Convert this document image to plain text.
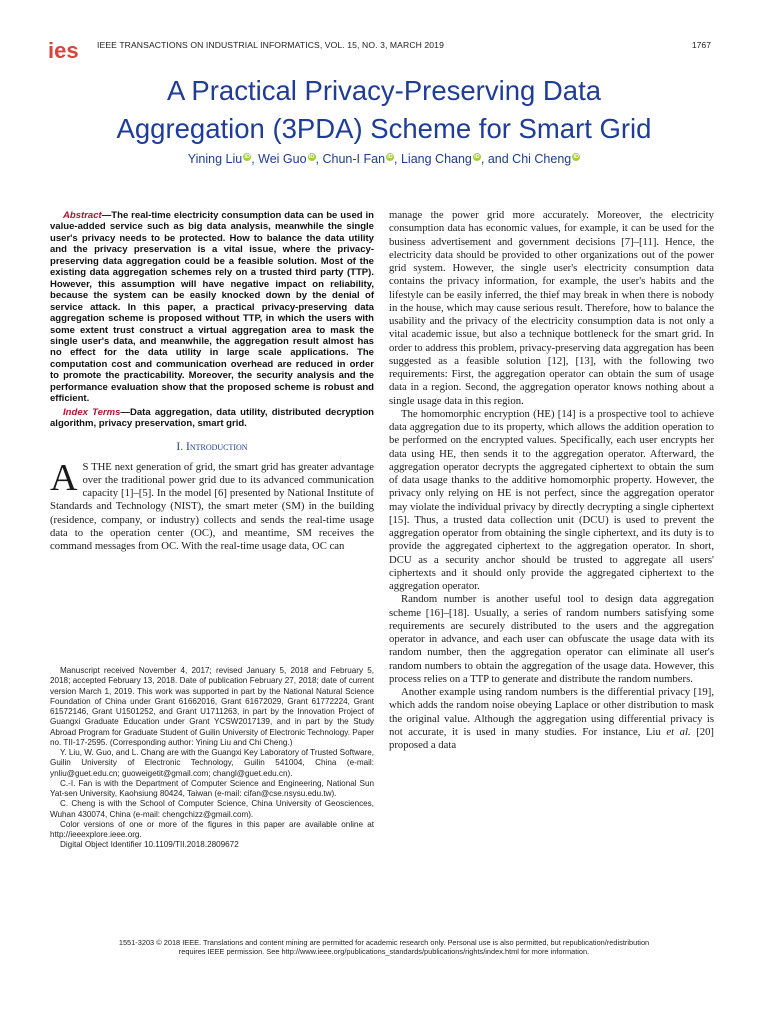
ies IEEE TRANSACTIONS ON INDUSTRIAL INFORMATICS, VOL. 15, NO. 3, MARCH 2019	1767
A Practical Privacy-Preserving Data
Aggregation (3PDA) Scheme for Smart Grid
Yining Liu iD, Wei Guo iD, Chun-I Fan iD, Liang Chang iD, and Chi Cheng iD

Abstract—The real-time electricity consumption data can be used in value-added service such as big data analysis, meanwhile the single user's privacy needs to be protected. How to balance the data utility and the privacy preservation is a vital issue, where the privacy-preserving data aggregation could be a feasible solution. Most of the existing data aggregation schemes rely on a trusted third party (TTP). However, this assumption will have negative impact on reliability, because the system can be easily knocked down by the denial of service attack. In this paper, a practical privacy-preserving data aggregation scheme is proposed without TTP, in which the users with some extent trust construct a virtual aggregation area to mask the single user's data, and meanwhile, the aggregation result almost has no effect for the data utility in large scale applications. The computation cost and communication overhead are reduced in order to promote the practicability. Moreover, the security analysis and the performance evaluation show that the proposed scheme is robust and efficient.

Index Terms—Data aggregation, data utility, distributed decryption algorithm, privacy preservation, smart grid.

I. Introduction

A S THE next generation of grid, the smart grid has greater advantage over the traditional power grid due to its advanced communication capacity [1]–[5]. In the model [6] presented by National Institute of Standards and Technology (NIST), the smart meter (SM) in the building (residence, company, or industry) collects and sends the real-time usage data to the operation center (OC), and meantime, SM receives the command messages from OC. With the real-time usage data, OC can

Manuscript received November 4, 2017; revised January 5, 2018 and February 5, 2018; accepted February 13, 2018. Date of publication February 27, 2018; date of current version March 1, 2019. This work was supported in part by the National Natural Science Foundation of China under Grant 61662016, Grant 61672029, Grant 61772224, Grant 61572146, Grant U1501252, and Grant U1711263, in part by the Innovation Project of Guangxi Graduate Education under Grant YCSW2017139, and in part by the Study Abroad Program for Graduate Student of Guilin University of Electronic Technology. Paper no. TII-17-2595. (Corresponding author: Yining Liu and Chi Cheng.)

Y. Liu, W. Guo, and L. Chang are with the Guangxi Key Laboratory of Trusted Software, Guilin University of Electronic Technology, Guilin 541004, China (e-mail: ynliu@guet.edu.cn; guoweigetit@gmail.com; changl@guet.edu.cn).

C.-I. Fan is with the Department of Computer Science and Engineering, National Sun Yat-sen University, Kaohsiung 80424, Taiwan (e-mail: cifan@cse.nsysu.edu.tw).

C. Cheng is with the School of Computer Science, China University of Geosciences, Wuhan 430074, China (e-mail: chengchizz@gmail.com).

Color versions of one or more of the figures in this paper are available online at http://ieeexplore.ieee.org.

Digital Object Identifier 10.1109/TII.2018.2809672

manage the power grid more accurately. Moreover, the electricity consumption data has economic values, for example, it can be used for the business advertisement and government decisions [7]–[11]. Hence, the electricity data should be provided to other organizations out of the power grid system. However, the single user's electricity consumption data contains the privacy information, for example, the user's habits and the lifestyle can be easily inferred, the thief may break in when there is nobody in the house, which may cause serious result. Therefore, how to balance the usability and the privacy of the electricity consumption data is not only a vital academic issue, but also a technique bottleneck for the smart grid. In order to address this problem, privacy-preserving data aggregation has been suggested as a feasible solution [12], [13], with the following two requirements: First, the aggregation operator can obtain the sum of usage data in a region. Second, the aggregation operator knows nothing about a single usage data in this region.

The homomorphic encryption (HE) [14] is a prospective tool to achieve data aggregation due to its property, which allows the addition operation to be performed on the encrypted values. Specifically, each user encrypts her data using HE, then sends it to the aggregation operator. Afterward, the aggregation operator decrypts the aggregated ciphertext to obtain the sum of data usage thanks to the additive homomorphic property. However, the privacy only relying on HE is not perfect, since the aggregation operator may violate the individual privacy by directly decrypting a single ciphertext [15]. Thus, a trusted data collection unit (DCU) is used to prevent the aggregation operator from obtaining the single ciphertext, and its duty is to provide the aggregated ciphertext to the aggregation operator. In short, DCU as a security anchor should be trusted to aggregate all users' ciphertexts and it should only provide the aggregated ciphertext to the aggregation operator.

Random number is another useful tool to design data aggregation scheme [16]–[18]. Usually, a series of random numbers satisfying some requirements are securely distributed to the users and the aggregation operator in advance, and each user can obfuscate the usage data with its random number, then the aggregation operator can eliminate all user's random numbers to obtain the aggregation of the usage data. However, this process relies on a TTP to generate and distribute the random numbers.

Another example using random numbers is the differential privacy [19], which adds the random noise obeying Laplace or other distribution to mask the original value. Although the aggregation using differential privacy is not accurate, it is used in many studies. For instance, Liu et al. [20] proposed a data

1551-3203 © 2018 IEEE. Translations and content mining are permitted for academic research only. Personal use is also permitted, but republication/redistribution
requires IEEE permission. See http://www.ieee.org/publications_standards/publications/rights/index.html for more information.
